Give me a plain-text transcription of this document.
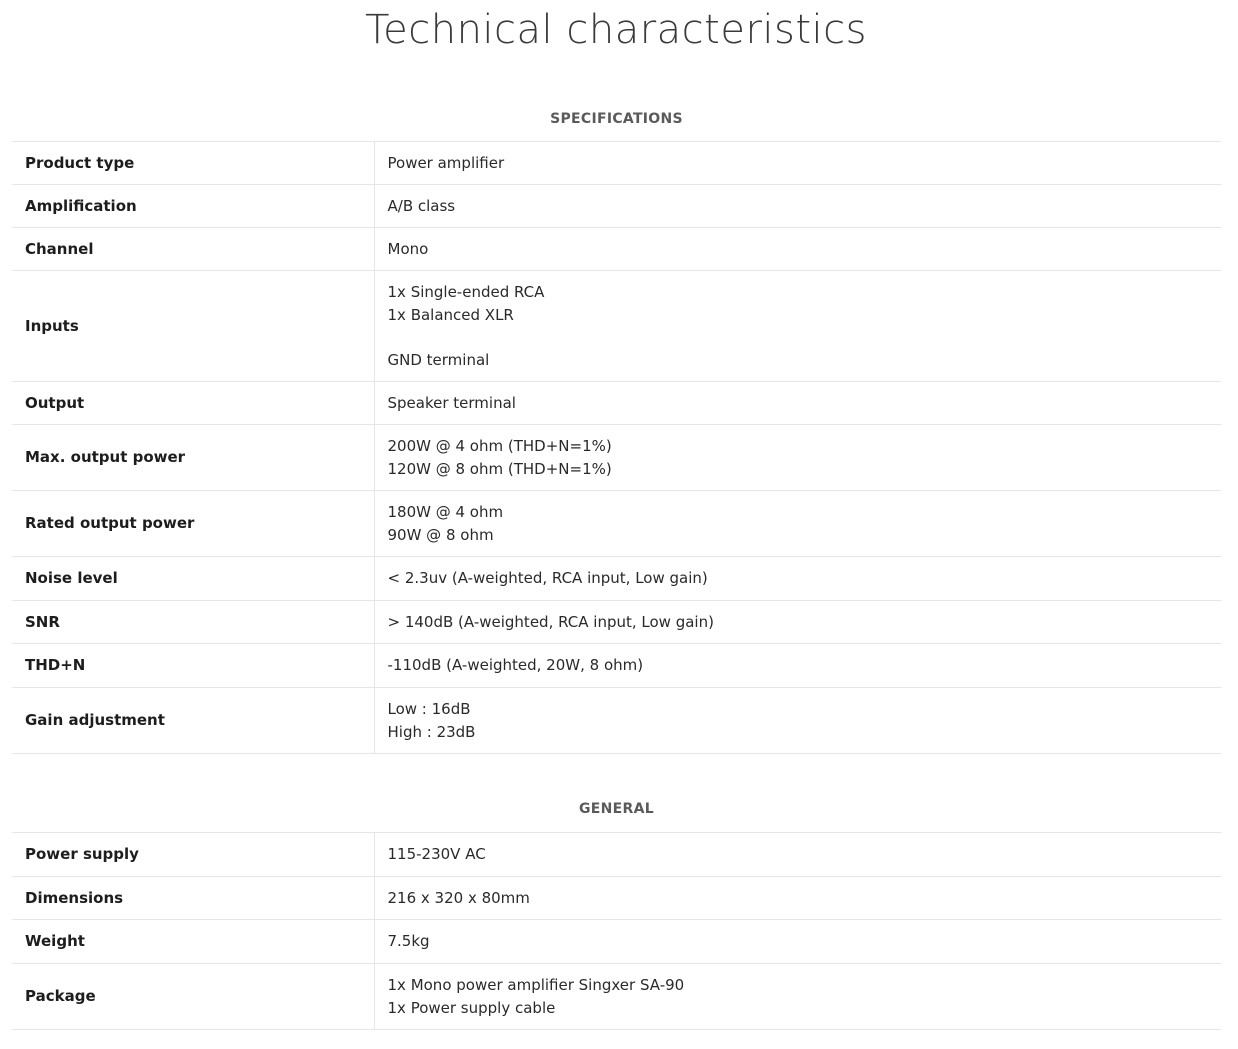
Technical characteristics
SPECIFICATIONS
Product type	Power amplifier
Amplification	A/B class
Channel	Mono
Inputs	1x Single-ended RCA
1x Balanced XLR

GND terminal
Output	Speaker terminal
Max. output power	200W @ 4 ohm (THD+N=1%)
120W @ 8 ohm (THD+N=1%)
Rated output power	180W @ 4 ohm
90W @ 8 ohm
Noise level	< 2.3uv (A-weighted, RCA input, Low gain)
SNR	> 140dB (A-weighted, RCA input, Low gain)
THD+N	-110dB (A-weighted, 20W, 8 ohm)
Gain adjustment	Low : 16dB
High : 23dB
GENERAL
Power supply	115-230V AC
Dimensions	216 x 320 x 80mm
Weight	7.5kg
Package	1x Mono power amplifier Singxer SA-90
1x Power supply cable
